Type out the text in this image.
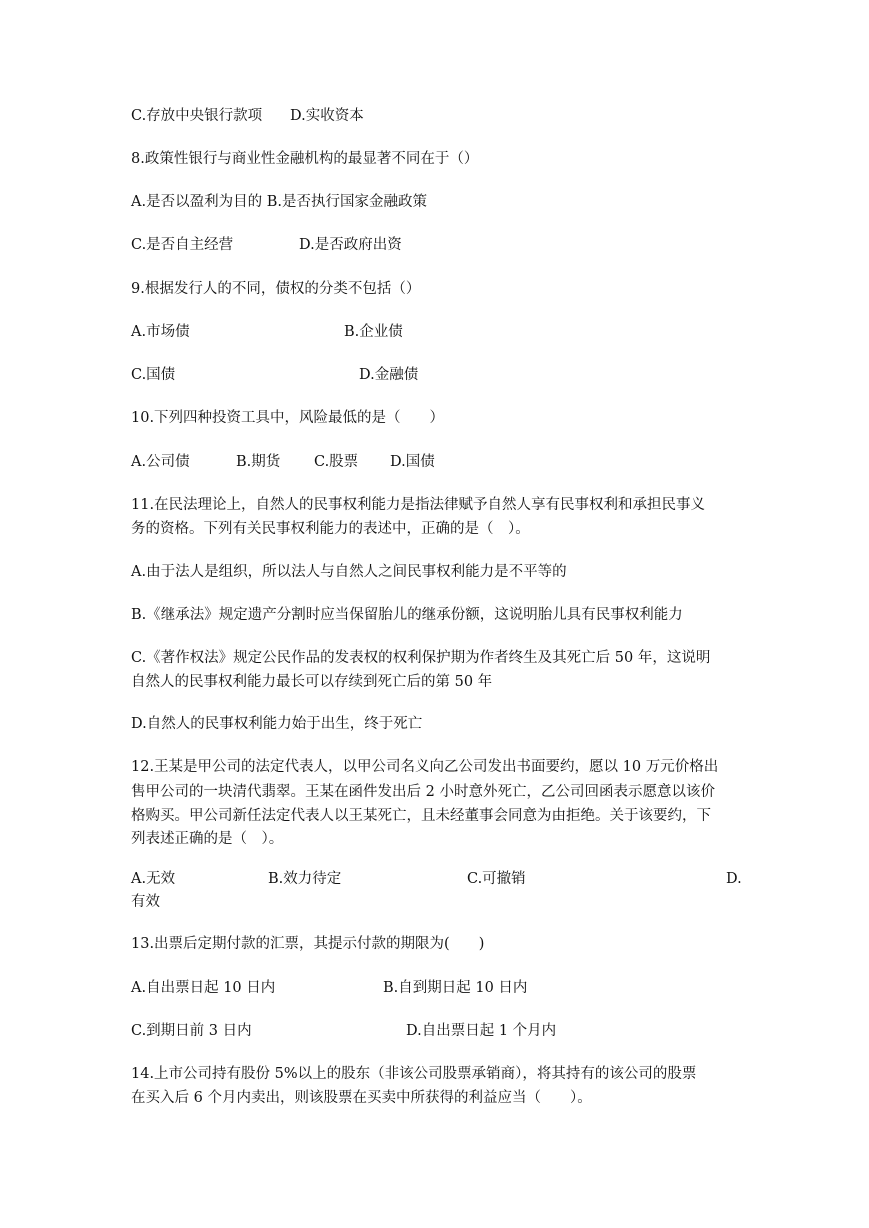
C.存放中央银行款项 D.实收资本
8.政策性银行与商业性金融机构的最显著不同在于（）
A.是否以盈利为目的 B.是否执行国家金融政策
C.是否自主经营	D.是否政府出资
9.根据发行人的不同，债权的分类不包括（）
A.市场债	B.企业债
C.国债	D.金融债
10.下列四种投资工具中，风险最低的是（　　）
A.公司债	B.期货 C.股票 D.国债
11.在民法理论上，自然人的民事权利能力是指法律赋予自然人享有民事权利和承担民事义
务的资格。下列有关民事权利能力的表述中，正确的是（　）。
A.由于法人是组织，所以法人与自然人之间民事权利能力是不平等的
B.《继承法》规定遗产分割时应当保留胎儿的继承份额，这说明胎儿具有民事权利能力
C.《著作权法》规定公民作品的发表权的权利保护期为作者终生及其死亡后 50 年，这说明
自然人的民事权利能力最长可以存续到死亡后的第 50 年
D.自然人的民事权利能力始于出生，终于死亡
12.王某是甲公司的法定代表人，以甲公司名义向乙公司发出书面要约，愿以 10 万元价格出
售甲公司的一块清代翡翠。王某在函件发出后 2 小时意外死亡，乙公司回函表示愿意以该价
格购买。甲公司新任法定代表人以王某死亡，且未经董事会同意为由拒绝。关于该要约，下
列表述正确的是（　）。
A.无效	B.效力待定	C.可撤销	D.
有效
13.出票后定期付款的汇票，其提示付款的期限为(　　)
A.自出票日起 10 日内	B.自到期日起 10 日内
C.到期日前 3 日内	D.自出票日起 1 个月内
14.上市公司持有股份 5%以上的股东（非该公司股票承销商），将其持有的该公司的股票
在买入后 6 个月内卖出，则该股票在买卖中所获得的利益应当（　　）。
